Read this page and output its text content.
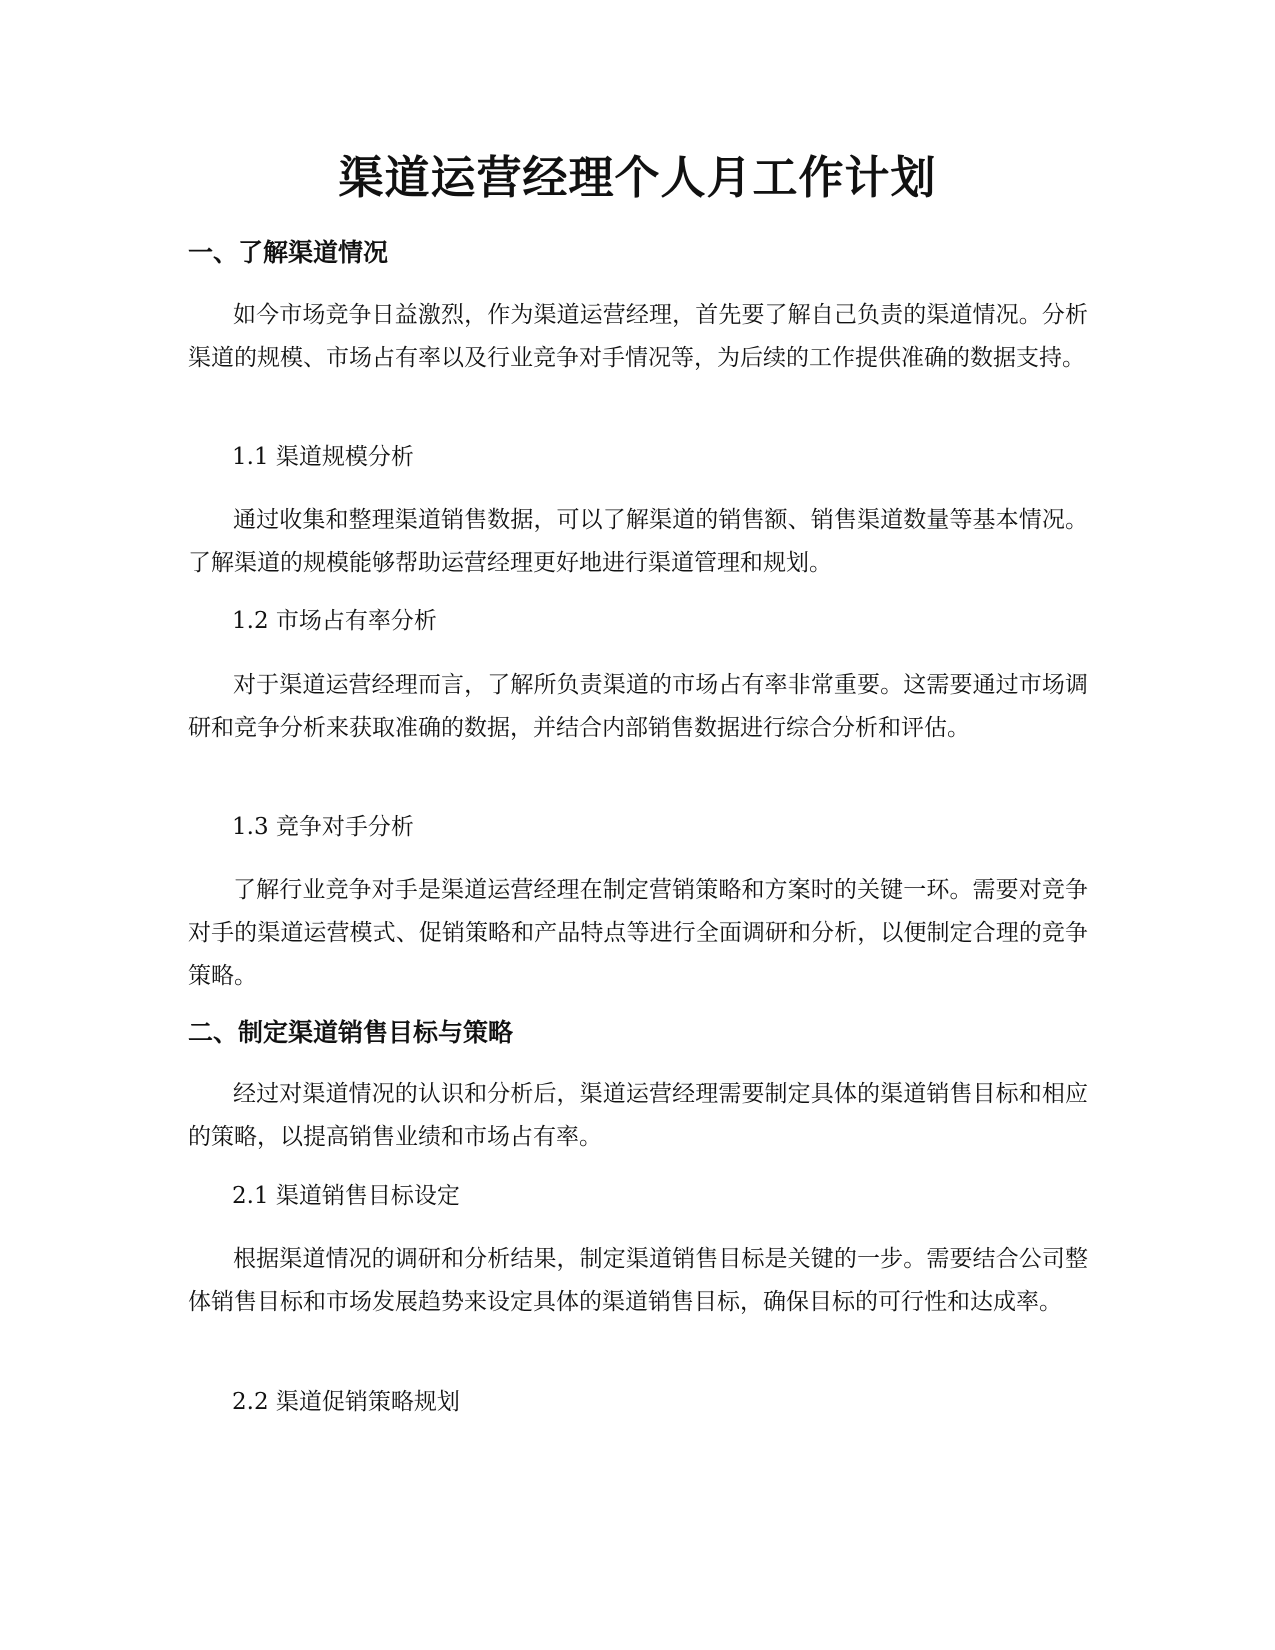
渠道运营经理个人月工作计划
一、了解渠道情况

如今市场竞争日益激烈，作为渠道运营经理，首先要了解自己负责的渠道情况。分析渠道的规模、市场占有率以及行业竞争对手情况等，为后续的工作提供准确的数据支持。

1.1 渠道规模分析

通过收集和整理渠道销售数据，可以了解渠道的销售额、销售渠道数量等基本情况。了解渠道的规模能够帮助运营经理更好地进行渠道管理和规划。

1.2 市场占有率分析

对于渠道运营经理而言，了解所负责渠道的市场占有率非常重要。这需要通过市场调研和竞争分析来获取准确的数据，并结合内部销售数据进行综合分析和评估。

1.3 竞争对手分析

了解行业竞争对手是渠道运营经理在制定营销策略和方案时的关键一环。需要对竞争对手的渠道运营模式、促销策略和产品特点等进行全面调研和分析，以便制定合理的竞争策略。

二、制定渠道销售目标与策略

经过对渠道情况的认识和分析后，渠道运营经理需要制定具体的渠道销售目标和相应的策略，以提高销售业绩和市场占有率。

2.1 渠道销售目标设定

根据渠道情况的调研和分析结果，制定渠道销售目标是关键的一步。需要结合公司整体销售目标和市场发展趋势来设定具体的渠道销售目标，确保目标的可行性和达成率。

2.2 渠道促销策略规划
